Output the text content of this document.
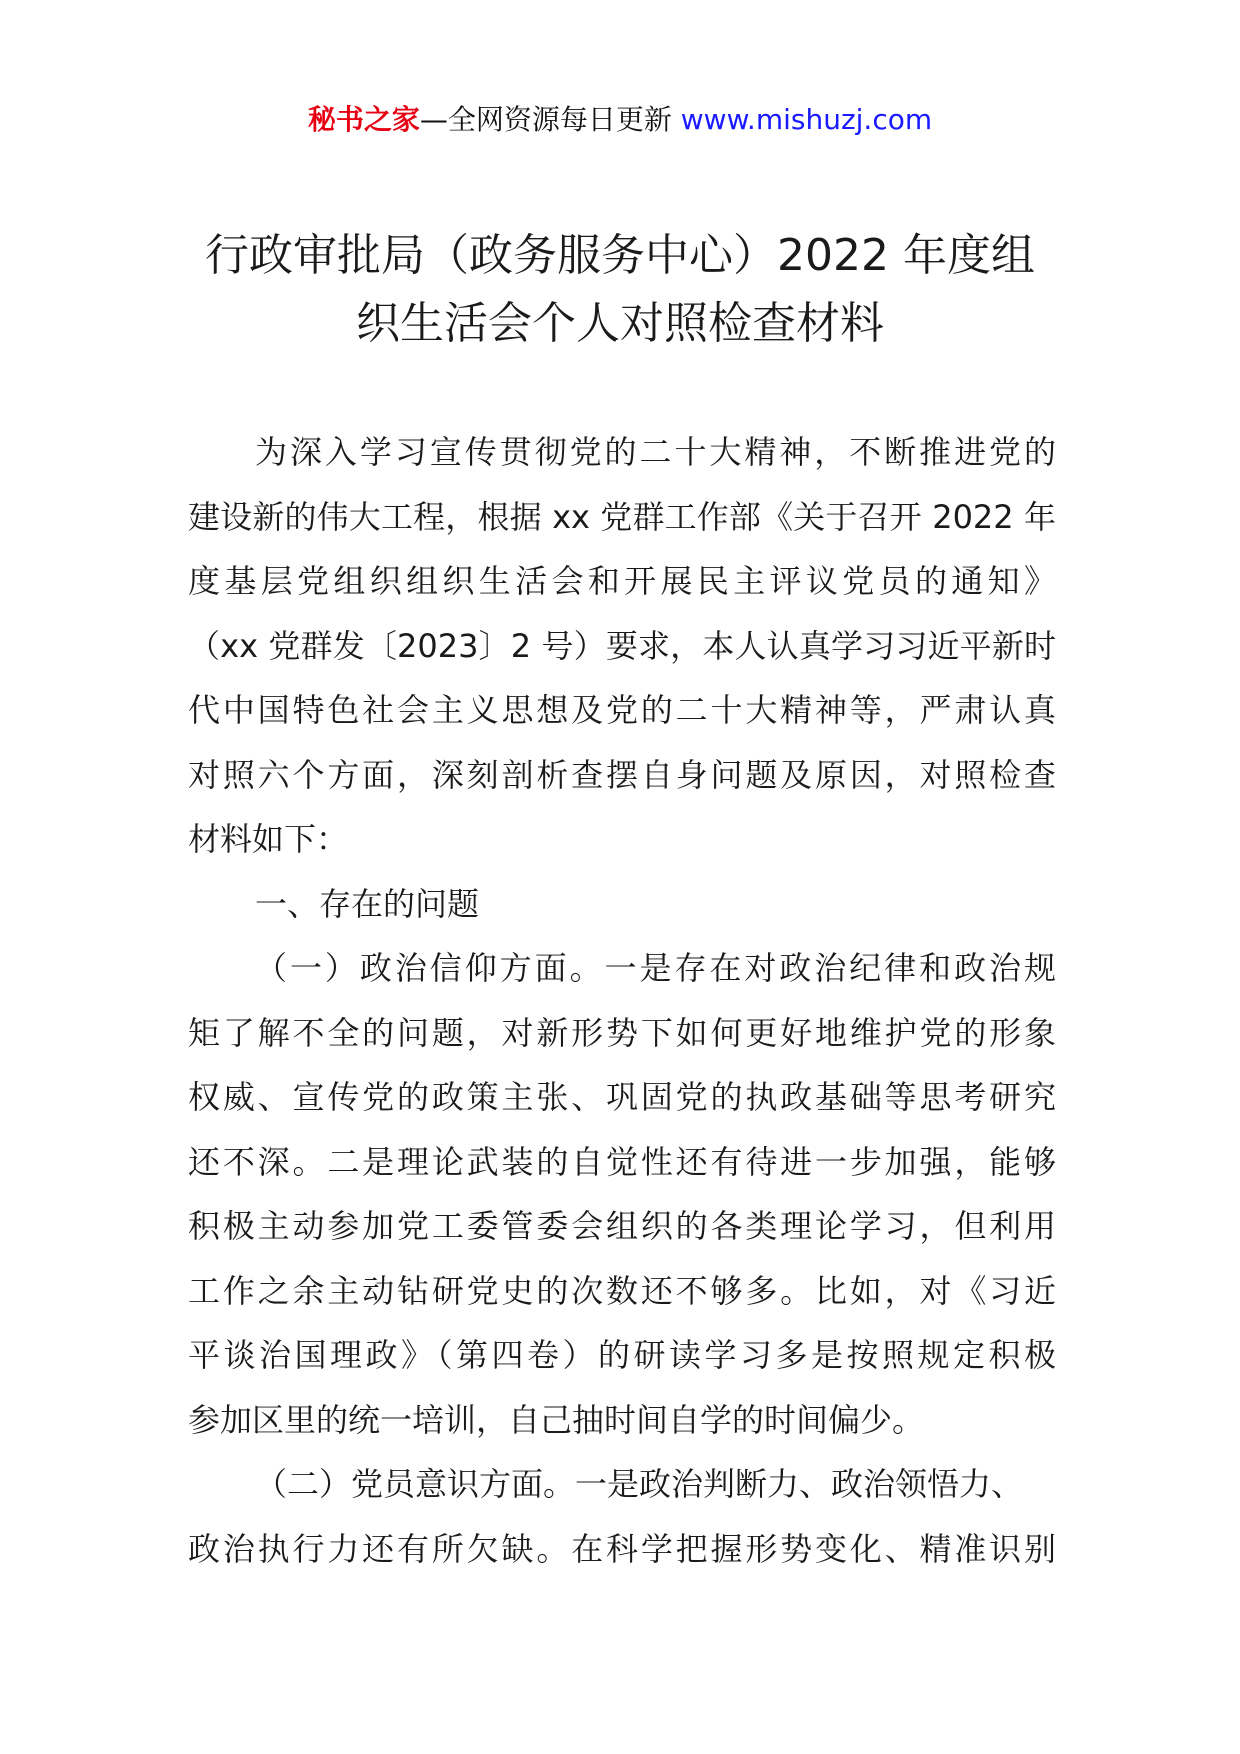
秘书之家—全网资源每日更新 www.mishuzj.com
行政审批局（政务服务中心）2022 年度组
织生活会个人对照检查材料
为深入学习宣传贯彻党的二十大精神，不断推进党的
建设新的伟大工程，根据 xx 党群工作部《关于召开 2022 年
度基层党组织组织生活会和开展民主评议党员的通知》
（xx 党群发〔2023〕2 号）要求，本人认真学习习近平新时
代中国特色社会主义思想及党的二十大精神等，严肃认真
对照六个方面，深刻剖析查摆自身问题及原因，对照检查
材料如下：
一、存在的问题
（一）政治信仰方面。一是存在对政治纪律和政治规
矩了解不全的问题，对新形势下如何更好地维护党的形象
权威、宣传党的政策主张、巩固党的执政基础等思考研究
还不深。二是理论武装的自觉性还有待进一步加强，能够
积极主动参加党工委管委会组织的各类理论学习，但利用
工作之余主动钻研党史的次数还不够多。比如，对《习近
平谈治国理政》（第四卷）的研读学习多是按照规定积极
参加区里的统一培训，自己抽时间自学的时间偏少。
（二）党员意识方面。一是政治判断力、政治领悟力、
政治执行力还有所欠缺。在科学把握形势变化、精准识别
